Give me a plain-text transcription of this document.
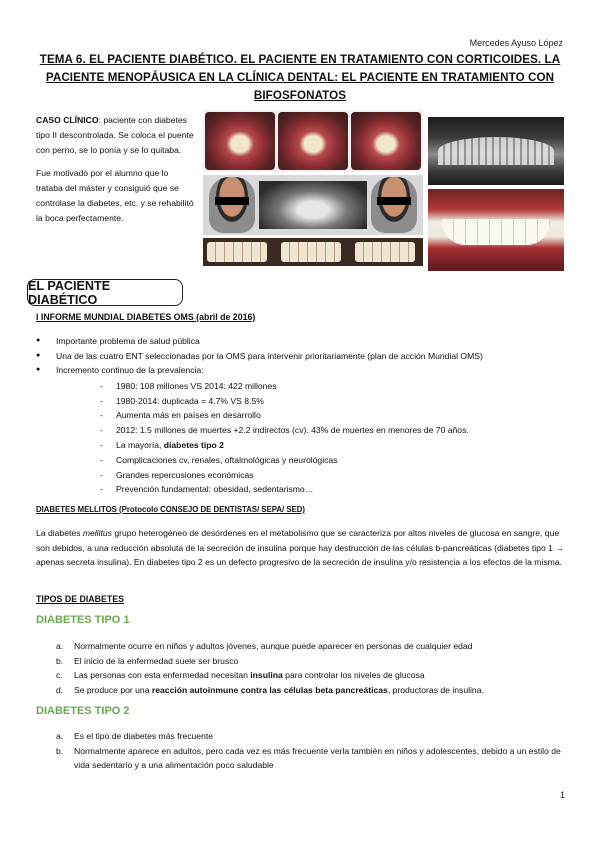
Mercedes Ayuso López
TEMA 6. EL PACIENTE DIABÉTICO. EL PACIENTE EN TRATAMIENTO CON CORTICOIDES. LA
PACIENTE MENOPÁUSICA EN LA CLÍNICA DENTAL: EL PACIENTE EN TRATAMIENTO CON
BIFOSFONATOS

CASO CLÍNICO: paciente con diabetes tipo II descontrolada. Se coloca el puente con perno, se lo ponía y se lo quitaba.

Fue motivado por el alumno que lo trataba del máster y consiguió que se controlase la diabetes, etc. y se rehabilitó la boca perfectamente.

EL PACIENTE DIABÉTICO
I INFORME MUNDIAL DIABETES OMS (abril de 2016)
● Importante problema de salud pública
● Una de las cuatro ENT seleccionadas por la OMS para intervenir prioritariamente (plan de acción Mundial OMS)
● Incremento continuo de la prevalencia:
- 1980: 108 millones VS 2014: 422 millones
- 1980-2014: duplicada = 4.7% VS 8.5%
- Aumenta más en países en desarrollo
- 2012: 1.5 millones de muertes +2.2 indirectos (cv). 43% de muertes en menores de 70 años.
- La mayoría, diabetes tipo 2
- Complicaciones cv, renales, oftalmológicas y neurológicas
- Grandes repercusiones económicas
- Prevención fundamental: obesidad, sedentarismo…
DIABETES MELLITOS (Protocolo CONSEJO DE DENTISTAS/ SEPA/ SED)
La diabetes mellitus grupo heterogéneo de desórdenes en el metabolismo que se caracteriza por altos niveles de glucosa en sangre, que son debidos, a una reducción absoluta de la secreción de insulina porque hay destrucción de las células b-pancreáticas (diabetes tipo 1 → apenas secreta insulina). En diabetes tipo 2 es un defecto progresivo de la secreción de insulina y/o resistencia a los efectos de la misma.
TIPOS DE DIABETES
DIABETES TIPO 1
a. Normalmente ocurre en niños y adultos jóvenes, aunque puede aparecer en personas de cualquier edad
b. El inicio de la enfermedad suele ser brusco
c. Las personas con esta enfermedad necesitan insulina para controlar los niveles de glucosa
d. Se produce por una reacción autoinmune contra las células beta pancreáticas, productoras de insulina.
DIABETES TIPO 2
a. Es el tipo de diabetes más frecuente
b. Normalmente aparece en adultos, pero cada vez es más frecuente verla también en niños y adolescentes, debido a un estilo de vida sedentario y a una alimentación poco saludable
1
